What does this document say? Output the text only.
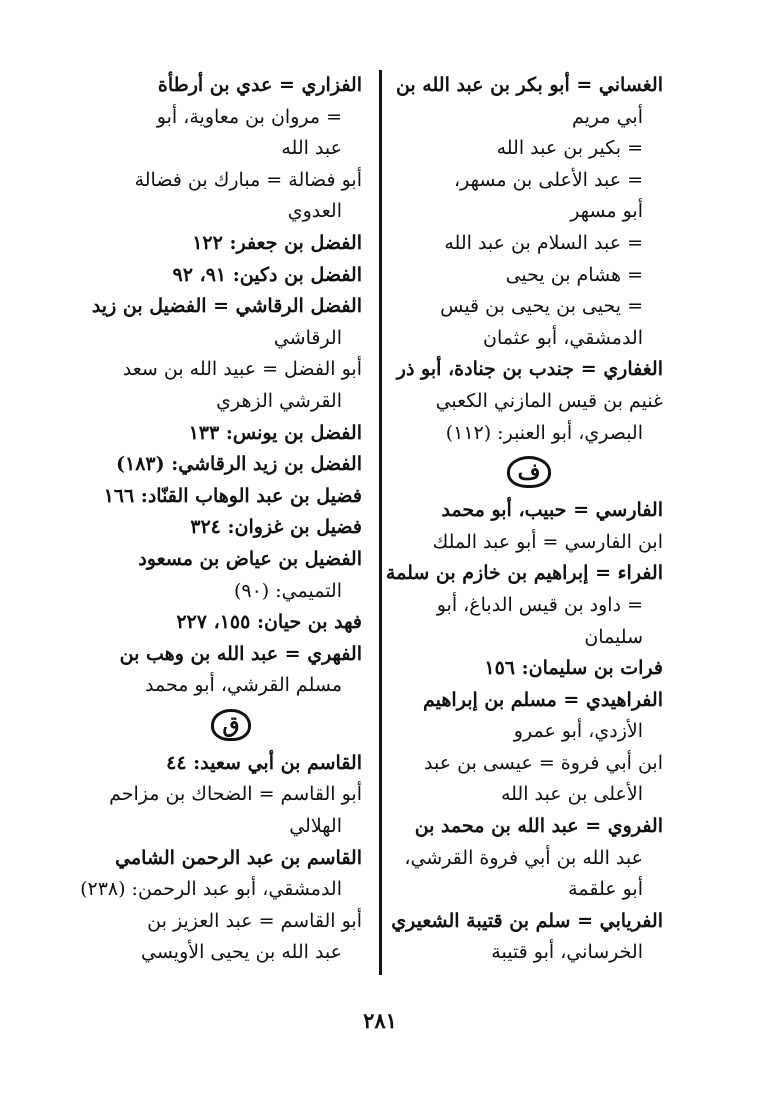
الغساني = أبو بكر بن عبد الله بن
أبي مريم
= بكير بن عبد الله
= عبد الأعلى بن مسهر،
أبو مسهر
= عبد السلام بن عبد الله
= هشام بن يحيى
= يحيى بن يحيى بن قيس
الدمشقي، أبو عثمان
الغفاري = جندب بن جنادة، أبو ذر
غنيم بن قيس المازني الكعبي
البصري، أبو العنبر: (١١٢)
ف
الفارسي = حبيب، أبو محمد
ابن الفارسي = أبو عبد الملك
الفراء = إبراهيم بن خازم بن سلمة
= داود بن قيس الدباغ، أبو
سليمان
فرات بن سليمان: ١٥٦
الفراهيدي = مسلم بن إبراهيم
الأزدي، أبو عمرو
ابن أبي فروة = عيسى بن عبد
الأعلى بن عبد الله
الفروي = عبد الله بن محمد بن
عبد الله بن أبي فروة القرشي،
أبو علقمة
الفريابي = سلم بن قتيبة الشعيري
الخرساني، أبو قتيبة
الفزاري = عدي بن أرطأة
= مروان بن معاوية، أبو
عبد الله
أبو فضالة = مبارك بن فضالة
العدوي
الفضل بن جعفر: ١٢٢
الفضل بن دكين: ٩١، ٩٢
الفضل الرقاشي = الفضيل بن زيد
الرقاشي
أبو الفضل = عبيد الله بن سعد
القرشي الزهري
الفضل بن يونس: ١٣٣
الفضل بن زيد الرقاشي: (١٨٣)
فضيل بن عبد الوهاب القنّاد: ١٦٦
فضيل بن غزوان: ٣٢٤
الفضيل بن عياض بن مسعود
التميمي: (٩٠)
فهد بن حيان: ١٥٥، ٢٢٧
الفهري = عبد الله بن وهب بن
مسلم القرشي، أبو محمد
ق
القاسم بن أبي سعيد: ٤٤
أبو القاسم = الضحاك بن مزاحم
الهلالي
القاسم بن عبد الرحمن الشامي
الدمشقي، أبو عبد الرحمن: (٢٣٨)
أبو القاسم = عبد العزيز بن
عبد الله بن يحيى الأويسي
٢٨١
